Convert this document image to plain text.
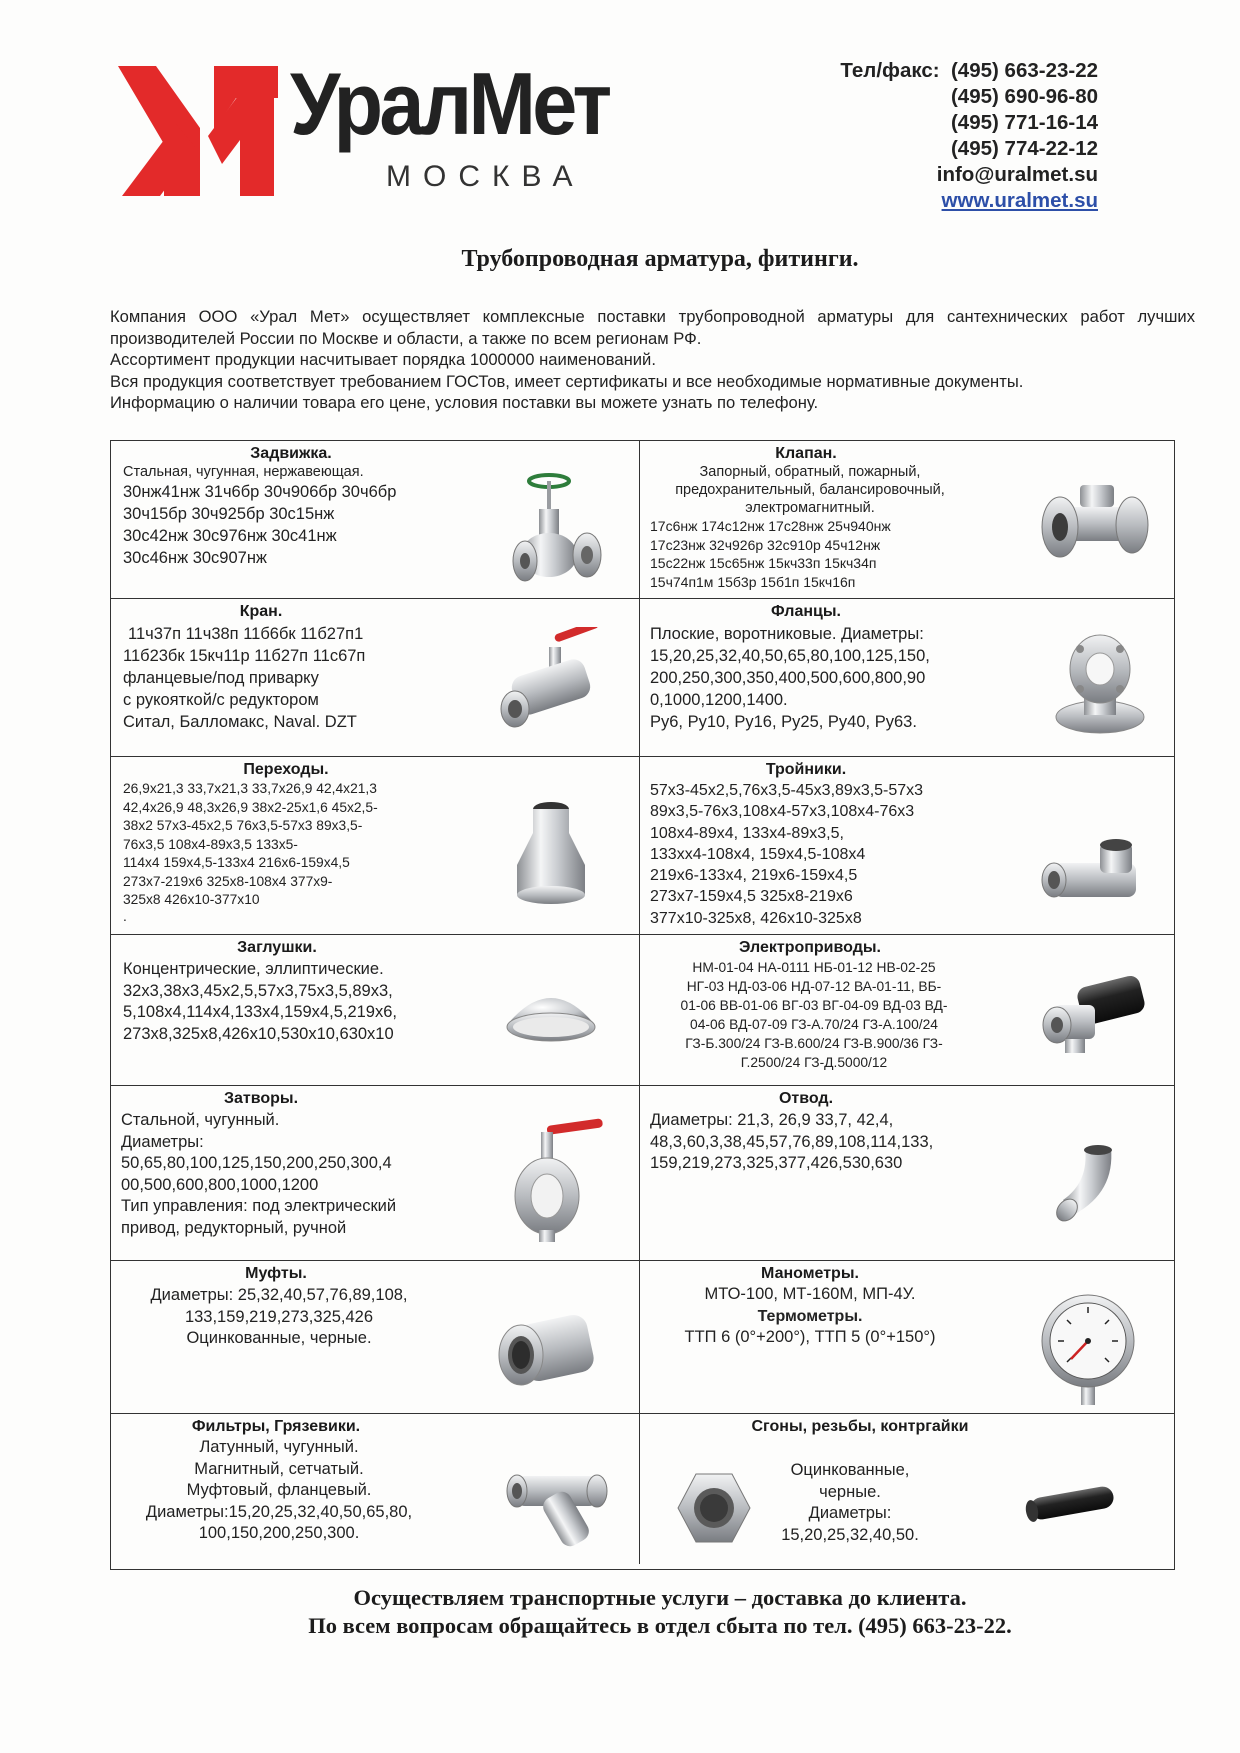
УралМет
МОСКВА
Тел/факс: (495) 663-23-22
(495) 690-96-80
(495) 771-16-14
(495) 774-22-12
info@uralmet.su
www.uralmet.su
Трубопроводная арматура, фитинги.

Компания ООО «Урал Мет» осуществляет комплексные поставки трубопроводной арматуры для сантехнических работ лучших производителей России по Москве и области, а также по всем регионам РФ.

Ассортимент продукции насчитывает порядка 1000000 наименований.

Вся продукция соответствует требованием ГОСТов, имеет сертификаты и все необходимые нормативные документы.

Информацию о наличии товара его цене, условия поставки вы можете узнать по телефону.

Задвижка.

Стальная, чугунная, нержавеющая.

30нж41нж 31ч6бр 30ч906бр 30ч6бр

30ч15бр 30ч925бр 30с15нж

30с42нж 30с976нж 30с41нж

30с46нж 30с907нж

Клапан.

Запорный, обратный, пожарный,

предохранительный, балансировочный,

электромагнитный.

17с6нж 174с12нж 17с28нж 25ч940нж

17с23нж 32ч926р 32с910р 45ч12нж

15с22нж 15с65нж 15кч33п 15кч34п

15ч74п1м 15б3р 15б1п 15кч16п

Кран.

11ч37п 11ч38п 11б6бк 11б27п1

11б23бк 15кч11р 11б27п 11с67п

фланцевые/под приварку

с рукояткой/с редуктором

Ситал, Балломакс, Naval. DZT

Фланцы.

Плоские, воротниковые. Диаметры:

15,20,25,32,40,50,65,80,100,125,150,

200,250,300,350,400,500,600,800,90

0,1000,1200,1400.

Ру6, Ру10, Ру16, Ру25, Ру40, Ру63.

Переходы.

26,9х21,3 33,7х21,3 33,7х26,9 42,4х21,3

42,4х26,9 48,3х26,9 38х2-25х1,6 45х2,5-

38х2 57х3-45х2,5 76х3,5-57х3 89х3,5-

76х3,5 108х4-89х3,5 133х5-

114х4 159х4,5-133х4 216х6-159х4,5

273х7-219х6 325х8-108х4 377х9-

325х8 426х10-377х10

.

Тройники.

57х3-45х2,5,76х3,5-45х3,89х3,5-57х3

89х3,5-76х3,108х4-57х3,108х4-76х3

108х4-89х4, 133х4-89х3,5,

133хх4-108х4, 159х4,5-108х4

219х6-133х4, 219х6-159х4,5

273х7-159х4,5 325х8-219х6

377х10-325х8, 426х10-325х8

Заглушки.

Концентрические, эллиптические.

32х3,38х3,45х2,5,57х3,75х3,5,89х3,

5,108х4,114х4,133х4,159х4,5,219х6,

273х8,325х8,426х10,530х10,630х10

Электроприводы.

НМ-01-04 НА-0111 НБ-01-12 НВ-02-25

НГ-03 НД-03-06 НД-07-12 ВА-01-11, ВБ-

01-06 ВВ-01-06 ВГ-03 ВГ-04-09 ВД-03 ВД-

04-06 ВД-07-09 ГЗ-А.70/24 ГЗ-А.100/24

ГЗ-Б.300/24 ГЗ-В.600/24 ГЗ-В.900/36 ГЗ-

Г.2500/24 ГЗ-Д.5000/12

Затворы.

Стальной, чугунный.

Диаметры:

50,65,80,100,125,150,200,250,300,4

00,500,600,800,1000,1200

Тип управления: под электрический

привод, редукторный, ручной

Отвод.

Диаметры: 21,3, 26,9 33,7, 42,4,

48,3,60,3,38,45,57,76,89,108,114,133,

159,219,273,325,377,426,530,630

Муфты.

Диаметры: 25,32,40,57,76,89,108,

133,159,219,273,325,426

Оцинкованные, черные.

Манометры.

МТО-100, МТ-160М, МП-4У.

Термометры.

ТТП 6 (0°+200°), ТТП 5 (0°+150°)

Фильтры, Грязевики.

Латунный, чугунный.

Магнитный, сетчатый.

Муфтовый, фланцевый.

Диаметры:15,20,25,32,40,50,65,80,

100,150,200,250,300.

Сгоны, резьбы, контргайки

Оцинкованные,

черные.

Диаметры:

15,20,25,32,40,50.

Осуществляем транспортные услуги – доставка до клиента.
По всем вопросам обращайтесь в отдел сбыта по тел. (495) 663-23-22.
